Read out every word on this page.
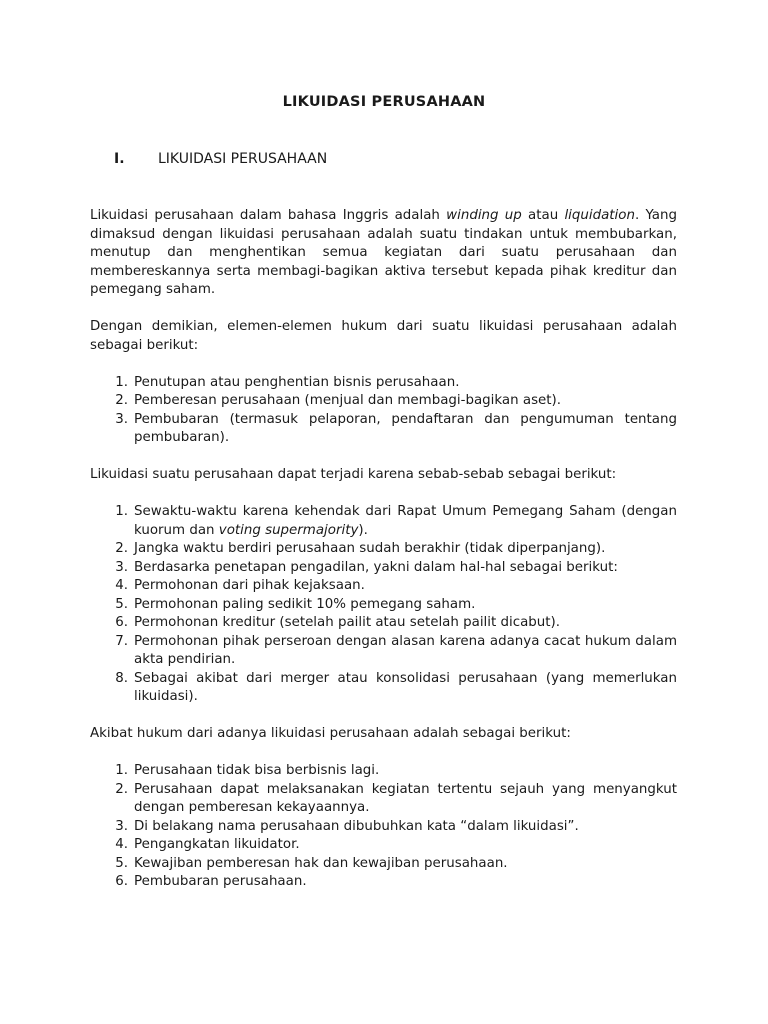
LIKUIDASI PERUSAHAAN
I. LIKUIDASI PERUSAHAAN

Likuidasi perusahaan dalam bahasa Inggris adalah winding up atau liquidation. Yang dimaksud dengan likuidasi perusahaan adalah suatu tindakan untuk membubarkan, menutup dan menghentikan semua kegiatan dari suatu perusahaan dan membereskannya serta membagi-bagikan aktiva tersebut kepada pihak kreditur dan pemegang saham.

Dengan demikian, elemen-elemen hukum dari suatu likuidasi perusahaan adalah sebagai berikut:

1. Penutupan atau penghentian bisnis perusahaan.
2. Pemberesan perusahaan (menjual dan membagi-bagikan aset).
3. Pembubaran (termasuk pelaporan, pendaftaran dan pengumuman tentang pembubaran).

Likuidasi suatu perusahaan dapat terjadi karena sebab-sebab sebagai berikut:

1. Sewaktu-waktu karena kehendak dari Rapat Umum Pemegang Saham (dengan kuorum dan voting supermajority).
2. Jangka waktu berdiri perusahaan sudah berakhir (tidak diperpanjang).
3. Berdasarka penetapan pengadilan, yakni dalam hal-hal sebagai berikut:
4. Permohonan dari pihak kejaksaan.
5. Permohonan paling sedikit 10% pemegang saham.
6. Permohonan kreditur (setelah pailit atau setelah pailit dicabut).
7. Permohonan pihak perseroan dengan alasan karena adanya cacat hukum dalam akta pendirian.
8. Sebagai akibat dari merger atau konsolidasi perusahaan (yang memerlukan likuidasi).

Akibat hukum dari adanya likuidasi perusahaan adalah sebagai berikut:

1. Perusahaan tidak bisa berbisnis lagi.
2. Perusahaan dapat melaksanakan kegiatan tertentu sejauh yang menyangkut dengan pemberesan kekayaannya.
3. Di belakang nama perusahaan dibubuhkan kata “dalam likuidasi”.
4. Pengangkatan likuidator.
5. Kewajiban pemberesan hak dan kewajiban perusahaan.
6. Pembubaran perusahaan.
